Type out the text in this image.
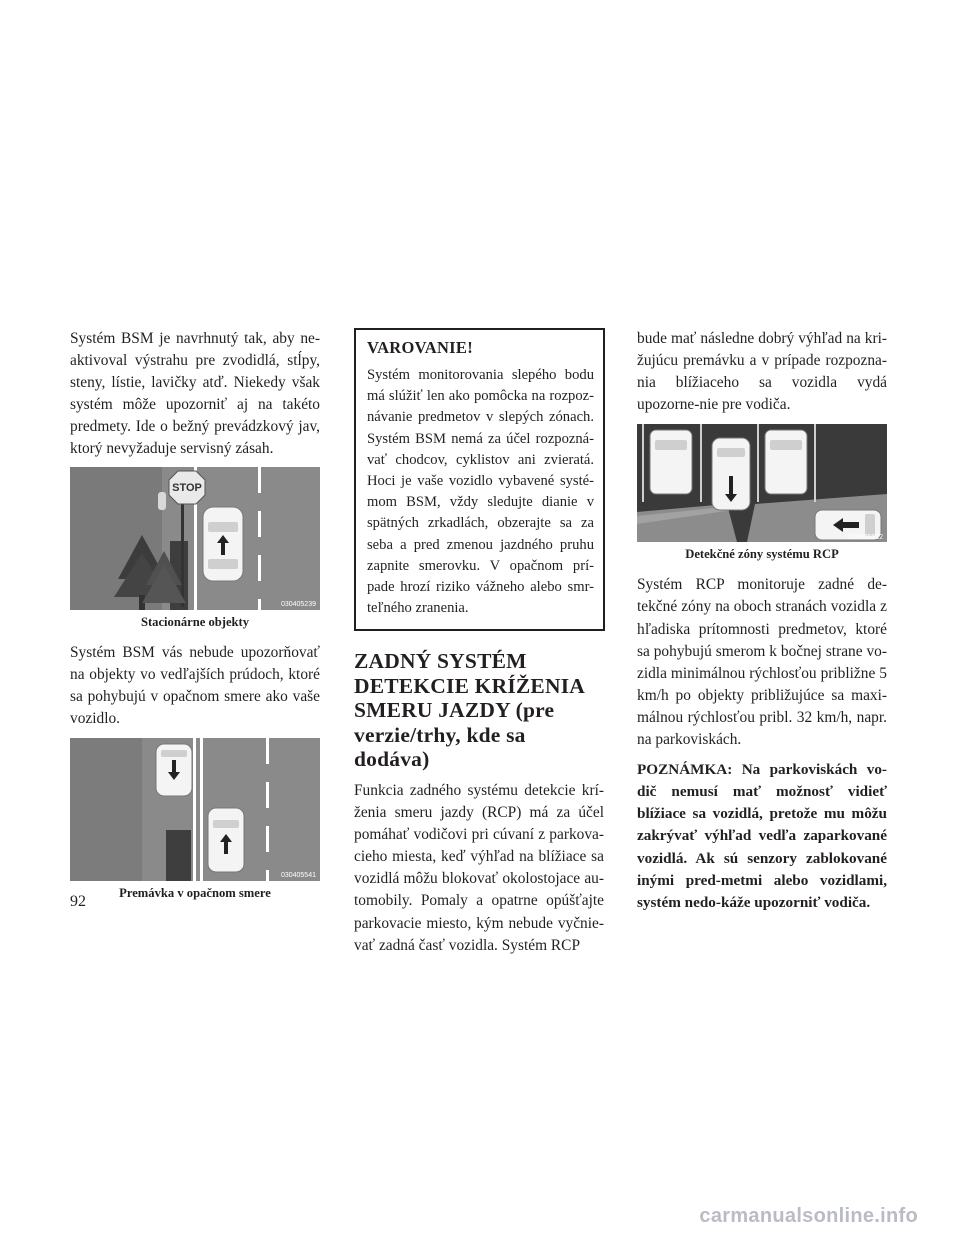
Systém BSM je navrhnutý tak, aby ne-aktivoval výstrahu pre zvodidlá, stĺpy, steny, lístie, lavičky atď. Niekedy však systém môže upozorniť aj na takéto predmety. Ide o bežný prevádzkový jav, ktorý nevyžaduje servisný zásah.

STOP
030405239
Stacionárne objekty

Systém BSM vás nebude upozorňovať na objekty vo vedľajších prúdoch, ktoré sa pohybujú v opačnom smere ako vaše vozidlo.

030405541
Premávka v opačnom smere
VAROVANIE!

Systém monitorovania slepého bodu má slúžiť len ako pomôcka na rozpoz-návanie predmetov v slepých zónach. Systém BSM nemá za účel rozpozná-vať chodcov, cyklistov ani zvieratá. Hoci je vaše vozidlo vybavené systé-mom BSM, vždy sledujte dianie v spätných zrkadlách, obzerajte sa za seba a pred zmenou jazdného pruhu zapnite smerovku. V opačnom prí-pade hrozí riziko vážneho alebo smr-teľného zranenia.

ZADNÝ SYSTÉM DETEKCIE KRÍŽENIA SMERU JAZDY (pre
verzie/trhy, kde sa dodáva)

Funkcia zadného systému detekcie krí-ženia smeru jazdy (RCP) má za účel pomáhať vodičovi pri cúvaní z parkova-cieho miesta, keď výhľad na blížiace sa vozidlá môžu blokovať okolostojace au-tomobily. Pomaly a opatrne opúšťajte parkovacie miesto, kým nebude vyčnie-vať zadná časť vozidla. Systém RCP

bude mať následne dobrý výhľad na kri-žujúcu premávku a v prípade rozpozna-nia blížiaceho sa vozidla vydá upozorne-nie pre vodiča.

030405522
Detekčné zóny systému RCP

Systém RCP monitoruje zadné de-tekčné zóny na oboch stranách vozidla z hľadiska prítomnosti predmetov, ktoré sa pohybujú smerom k bočnej strane vo-zidla minimálnou rýchlosťou približne 5 km/h po objekty približujúce sa maxi-málnou rýchlosťou pribl. 32 km/h, napr. na parkoviskách.

POZNÁMKA: Na parkoviskách vo-dič nemusí mať možnosť vidieť blížiace sa vozidlá, pretože mu môžu zakrývať výhľad vedľa zaparkované vozidlá. Ak sú senzory zablokované inými pred-metmi alebo vozidlami, systém nedo-káže upozorniť vodiča.

92
carmanualsonline.info
